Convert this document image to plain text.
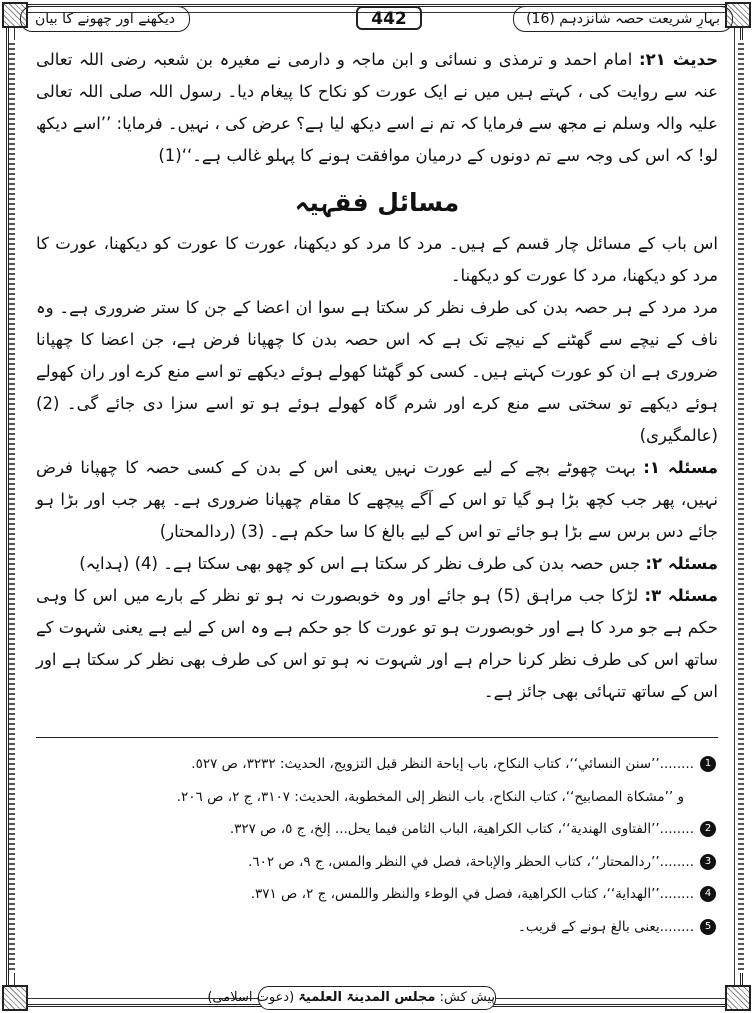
دیکھنے اور چھونے کا بیان	442	بہارِ شریعت حصہ شانزدہم (16)

حدیث ۲۱: امام احمد و ترمذی و نسائی و ابن ماجہ و دارمی نے مغیرہ بن شعبہ رضی اللہ تعالی عنہ سے روایت کی ، کہتے ہیں میں نے ایک عورت کو نکاح کا پیغام دیا۔ رسول اللہ صلی اللہ تعالی علیہ والہ وسلم نے مجھ سے فرمایا کہ تم نے اسے دیکھ لیا ہے؟ عرض کی ، نہیں۔ فرمایا: ’’اسے دیکھ لو! کہ اس کی وجہ سے تم دونوں کے درمیان موافقت ہونے کا پہلو غالب ہے۔‘‘(1)

مسائل فقہیہ

اس باب کے مسائل چار قسم کے ہیں۔ مرد کا مرد کو دیکھنا، عورت کا عورت کو دیکھنا، عورت کا مرد کو دیکھنا، مرد کا عورت کو دیکھنا۔

مرد مرد کے ہر حصہ بدن کی طرف نظر کر سکتا ہے سوا ان اعضا کے جن کا ستر ضروری ہے۔ وہ ناف کے نیچے سے گھٹنے کے نیچے تک ہے کہ اس حصہ بدن کا چھپانا فرض ہے، جن اعضا کا چھپانا ضروری ہے ان کو عورت کہتے ہیں۔ کسی کو گھٹنا کھولے ہوئے دیکھے تو اسے منع کرے اور ران کھولے ہوئے دیکھے تو سختی سے منع کرے اور شرم گاہ کھولے ہوئے ہو تو اسے سزا دی جائے گی۔ (2) (عالمگیری)

مسئلہ ۱: بہت چھوٹے بچے کے لیے عورت نہیں یعنی اس کے بدن کے کسی حصہ کا چھپانا فرض نہیں، پھر جب کچھ بڑا ہو گیا تو اس کے آگے پیچھے کا مقام چھپانا ضروری ہے۔ پھر جب اور بڑا ہو جائے دس برس سے بڑا ہو جائے تو اس کے لیے بالغ کا سا حکم ہے۔ (3) (ردالمحتار)

مسئلہ ۲: جس حصہ بدن کی طرف نظر کر سکتا ہے اس کو چھو بھی سکتا ہے۔ (4) (ہدایہ)

مسئلہ ۳: لڑکا جب مراہق (5) ہو جائے اور وہ خوبصورت نہ ہو تو نظر کے بارے میں اس کا وہی حکم ہے جو مرد کا ہے اور خوبصورت ہو تو عورت کا جو حکم ہے وہ اس کے لیے ہے یعنی شہوت کے ساتھ اس کی طرف نظر کرنا حرام ہے اور شہوت نہ ہو تو اس کی طرف بھی نظر کر سکتا ہے اور اس کے ساتھ تنہائی بھی جائز ہے۔

1
........’’سنن النسائي‘‘، كتاب النكاح، باب إباحة النظر قبل التزويج، الحديث: ٣٢٣٢، ص ٥٢٧.
و ’’مشكاة المصابيح‘‘، كتاب النكاح، باب النظر إلى المخطوبة، الحديث: ٣١٠٧، ج ٢، ص ٢٠٦.
2
........’’الفتاوى الهندية‘‘، كتاب الكراهية، الباب الثامن فيما يحل... إلخ، ج ٥، ص ٣٢٧.
3
........’’ردالمحتار‘‘، كتاب الحظر والإباحة، فصل في النظر والمس، ج ٩، ص ٦٠٢.
4
........’’الهداية‘‘، كتاب الكراهية، فصل في الوطء والنظر واللمس، ج ٢، ص ٣٧١.
5
........یعنی بالغ ہونے کے قریب۔
پیش کش: مجلس المدینۃ العلمیۃ (دعوت اسلامی)
